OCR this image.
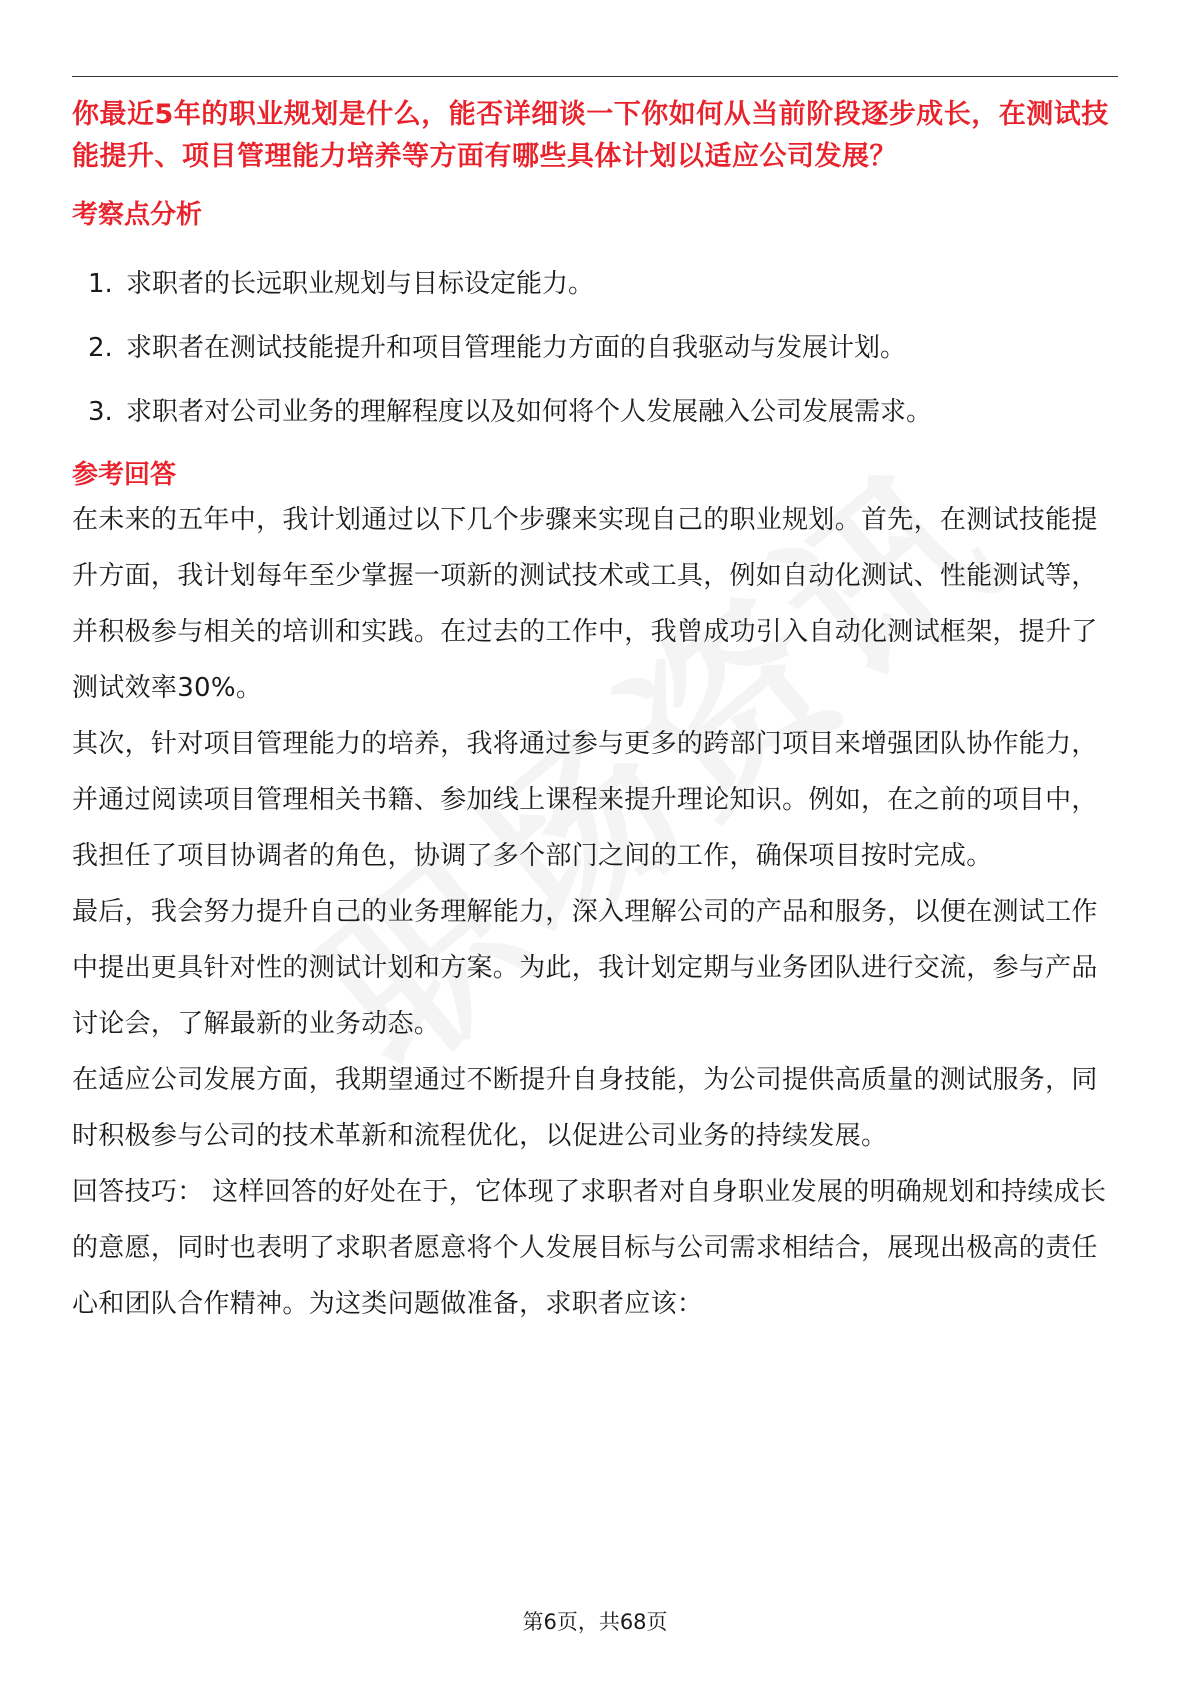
你最近5年的职业规划是什么，能否详细谈一下你如何从当前阶段逐步成长，在测试技能提升、项目管理能力培养等方面有哪些具体计划以适应公司发展？
考察点分析
1. 求职者的长远职业规划与目标设定能力。
2. 求职者在测试技能提升和项目管理能力方面的自我驱动与发展计划。
3. 求职者对公司业务的理解程度以及如何将个人发展融入公司发展需求。
参考回答

在未来的五年中，我计划通过以下几个步骤来实现自己的职业规划。首先，在测试技能提升方面，我计划每年至少掌握一项新的测试技术或工具，例如自动化测试、性能测试等，并积极参与相关的培训和实践。在过去的工作中，我曾成功引入自动化测试框架，提升了测试效率30%。

其次，针对项目管理能力的培养，我将通过参与更多的跨部门项目来增强团队协作能力，并通过阅读项目管理相关书籍、参加线上课程来提升理论知识。例如，在之前的项目中，我担任了项目协调者的角色，协调了多个部门之间的工作，确保项目按时完成。

最后，我会努力提升自己的业务理解能力，深入理解公司的产品和服务，以便在测试工作中提出更具针对性的测试计划和方案。为此，我计划定期与业务团队进行交流，参与产品讨论会，了解最新的业务动态。

在适应公司发展方面，我期望通过不断提升自身技能，为公司提供高质量的测试服务，同时积极参与公司的技术革新和流程优化，以促进公司业务的持续发展。

回答技巧： 这样回答的好处在于，它体现了求职者对自身职业发展的明确规划和持续成长的意愿，同时也表明了求职者愿意将个人发展目标与公司需求相结合，展现出极高的责任心和团队合作精神。为这类问题做准备，求职者应该：

第6页，共68页
